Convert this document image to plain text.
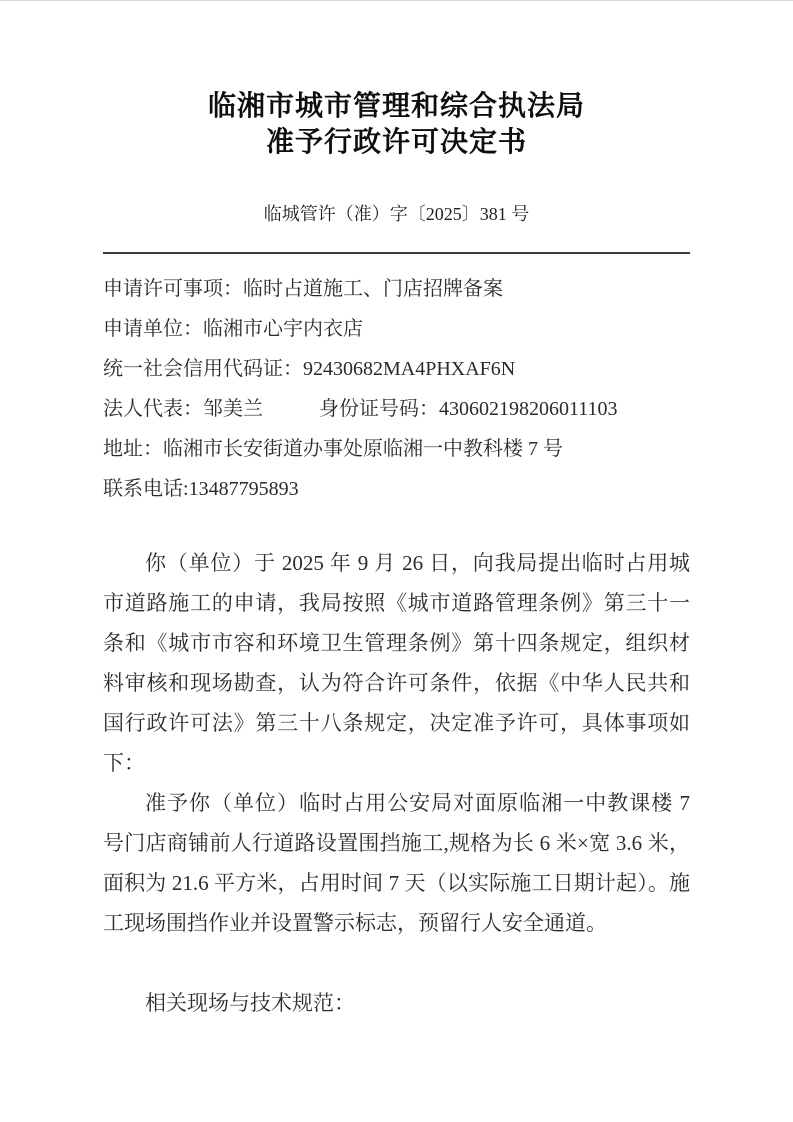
临湘市城市管理和综合执法局
准予行政许可决定书
临城管许（准）字〔2025〕381 号
申请许可事项：临时占道施工、门店招牌备案
申请单位：临湘市心宇内衣店
统一社会信用代码证：92430682MA4PHXAF6N
法人代表：邹美兰	身份证号码：430602198206011103
地址：临湘市长安街道办事处原临湘一中教科楼 7 号
联系电话:13487795893

你（单位）于 2025 年 9 月 26 日，向我局提出临时占用城市道路施工的申请，我局按照《城市道路管理条例》第三十一条和《城市市容和环境卫生管理条例》第十四条规定，组织材料审核和现场勘查，认为符合许可条件，依据《中华人民共和国行政许可法》第三十八条规定，决定准予许可，具体事项如下：

准予你（单位）临时占用公安局对面原临湘一中教课楼 7 号门店商铺前人行道路设置围挡施工,规格为长 6 米×宽 3.6 米，面积为 21.6 平方米，占用时间 7 天（以实际施工日期计起）。施工现场围挡作业并设置警示标志，预留行人安全通道。

相关现场与技术规范：
